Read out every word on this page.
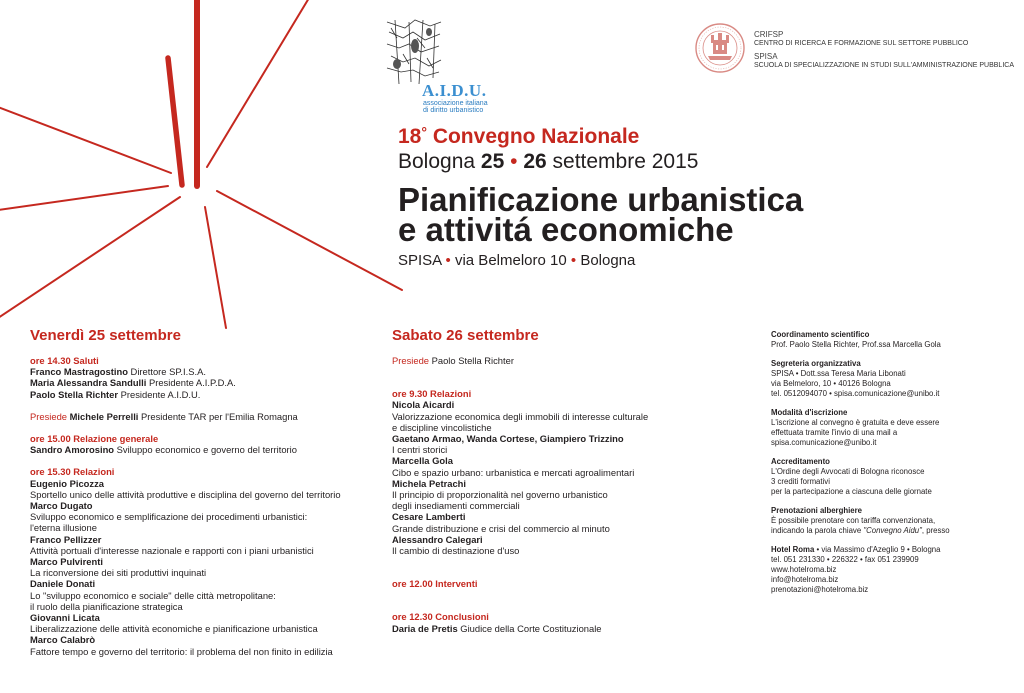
A.I.D.U.
associazione italiana
di diritto urbanistico
CRIFSP
CENTRO DI RICERCA E FORMAZIONE SUL SETTORE PUBBLICO
SPISA
SCUOLA DI SPECIALIZZAZIONE IN STUDI SULL'AMMINISTRAZIONE PUBBLICA
18° Convegno Nazionale
Bologna 25 • 26 settembre 2015
Pianificazione urbanistica
e attivitá economiche
SPISA • via Belmeloro 10 • Bologna
Venerdì 25 settembre
ore 14.30 Saluti
Franco Mastragostino Direttore SP.I.S.A.
Maria Alessandra Sandulli Presidente A.I.P.D.A.
Paolo Stella Richter Presidente A.I.D.U.
Presiede Michele Perrelli Presidente TAR per l'Emilia Romagna
ore 15.00 Relazione generale
Sandro Amorosino Sviluppo economico e governo del territorio
ore 15.30 Relazioni
Eugenio Picozza
Sportello unico delle attività produttive e disciplina del governo del territorio
Marco Dugato
Sviluppo economico e semplificazione dei procedimenti urbanistici:
l'eterna illusione
Franco Pellizzer
Attività portuali d'interesse nazionale e rapporti con i piani urbanistici
Marco Pulvirenti
La riconversione dei siti produttivi inquinati
Daniele Donati
Lo "sviluppo economico e sociale" delle città metropolitane:
il ruolo della pianificazione strategica
Giovanni Licata
Liberalizzazione delle attività economiche e pianificazione urbanistica
Marco Calabrò
Fattore tempo e governo del territorio: il problema del non finito in edilizia
Sabato 26 settembre
Presiede Paolo Stella Richter
ore 9.30 Relazioni
Nicola Aicardi
Valorizzazione economica degli immobili di interesse culturale
e discipline vincolistiche
Gaetano Armao, Wanda Cortese, Giampiero Trizzino
I centri storici
Marcella Gola
Cibo e spazio urbano: urbanistica e mercati agroalimentari
Michela Petrachi
Il principio di proporzionalità nel governo urbanistico
degli insediamenti commerciali
Cesare Lamberti
Grande distribuzione e crisi del commercio al minuto
Alessandro Calegari
Il cambio di destinazione d'uso
ore 12.00 Interventi
ore 12.30 Conclusioni
Daria de Pretis Giudice della Corte Costituzionale
Coordinamento scientifico
Prof. Paolo Stella Richter, Prof.ssa Marcella Gola
Segreteria organizzativa
SPISA • Dott.ssa Teresa Maria Libonati
via Belmeloro, 10 • 40126 Bologna
tel. 0512094070 • spisa.comunicazione@unibo.it
Modalità d'iscrizione
L'iscrizione al convegno è gratuita e deve essere
effettuata tramite l'invio di una mail a
spisa.comunicazione@unibo.it
Accreditamento
L'Ordine degli Avvocati di Bologna riconosce
3 crediti formativi
per la partecipazione a ciascuna delle giornate
Prenotazioni alberghiere
È possibile prenotare con tariffa convenzionata,
indicando la parola chiave "Convegno Aidu", presso
Hotel Roma • via Massimo d'Azeglio 9 • Bologna
tel. 051 231330 • 226322 • fax 051 239909
www.hotelroma.biz
info@hotelroma.biz
prenotazioni@hotelroma.biz
